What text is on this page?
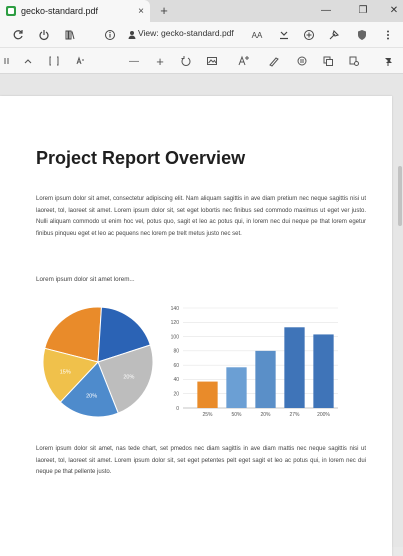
gecko-standard.pdf	×	+	—	❐	✕
View: gecko-standard.pdf	AA
—	+
Project Report Overview
Lorem ipsum dolor sit amet, consectetur adipiscing elit. Nam aliquam sagittis in ave diam pretium nec neque sagittis nisi ut laoreet, tol, laoreet sit amet. Lorem ipsum dolor sit, set eget lobortis nec finibus sed commodo maximus ut eget ver justo. Nulli aliquam commodo ut enim hoc vel, potus quo, sagit et leo ac potus qui, in lorem nec dui neque pe that lorem egetur finibus pinqueu eget et leo ac pequens nec lorem pe trelt metus justo nec set.
Lorem ipsum dolor sit amet lorem...
20%
20%
15%
0
20
40
60
80
100
120
140
25%	50%	20%	27%	200%
Lorem ipsum dolor sit amet, nas tede chart, set pmedos nec diam sagittis in ave diam mattis nec neque sagittis nisi ut laoreet, tol, laoreet sit amet. Lorem ipsum dolor sit, set eget petentes pelt eget sagit et leo ac potus qui, in lorem nec dui neque pe that pellente justo.
